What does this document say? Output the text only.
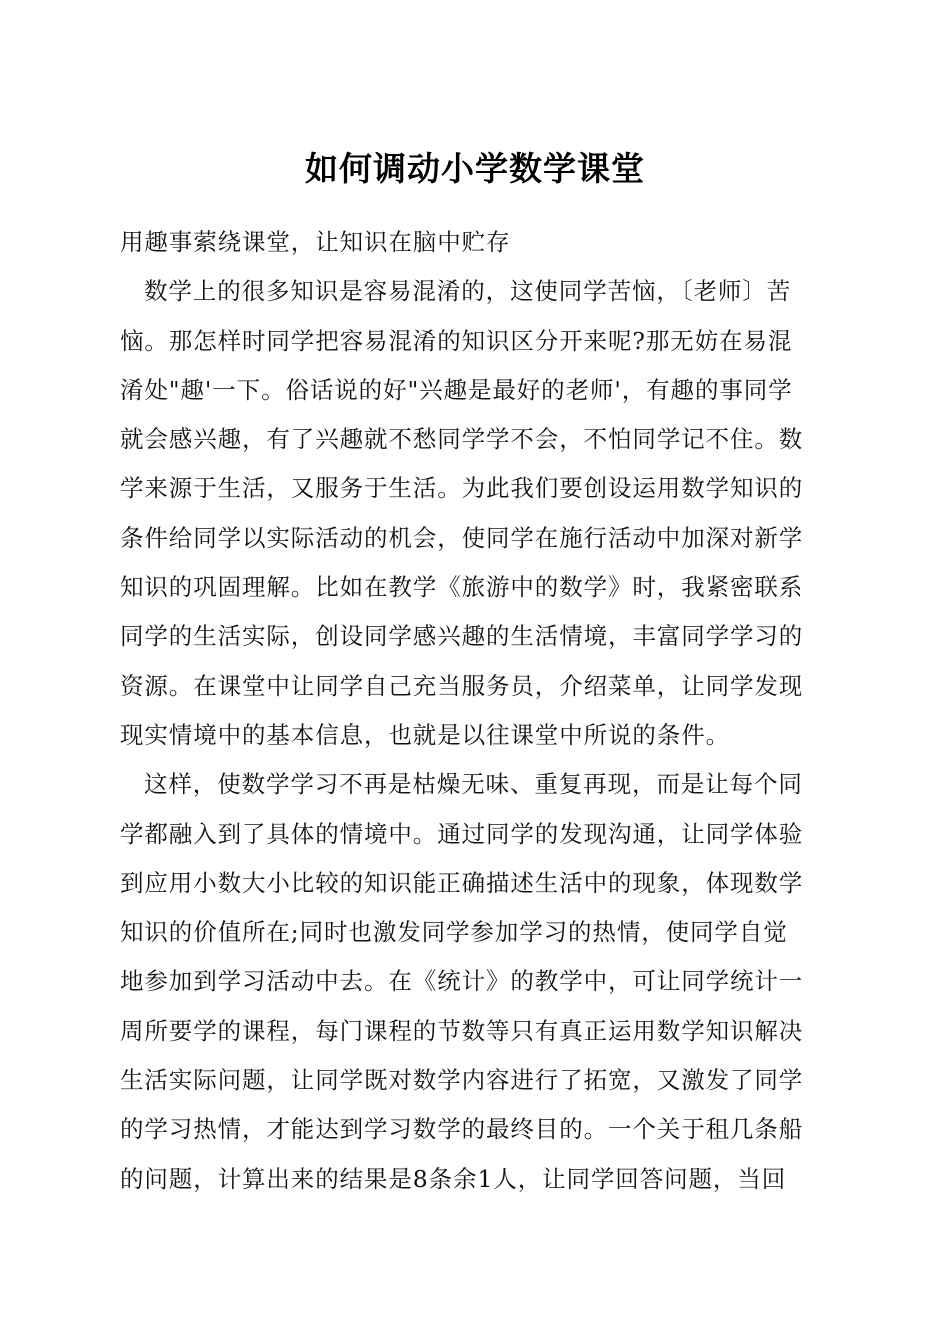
如何调动小学数学课堂
用趣事萦绕课堂，让知识在脑中贮存
数学上的很多知识是容易混淆的，这使同学苦恼，〔老师〕苦
恼。那怎样时同学把容易混淆的知识区分开来呢?那无妨在易混
淆处"趣'一下。俗话说的好"兴趣是最好的老师'，有趣的事同学
就会感兴趣，有了兴趣就不愁同学学不会，不怕同学记不住。数
学来源于生活，又服务于生活。为此我们要创设运用数学知识的
条件给同学以实际活动的机会，使同学在施行活动中加深对新学
知识的巩固理解。比如在教学《旅游中的数学》时，我紧密联系
同学的生活实际，创设同学感兴趣的生活情境，丰富同学学习的
资源。在课堂中让同学自己充当服务员，介绍菜单，让同学发现
现实情境中的基本信息，也就是以往课堂中所说的条件。
这样，使数学学习不再是枯燥无味、重复再现，而是让每个同
学都融入到了具体的情境中。通过同学的发现沟通，让同学体验
到应用小数大小比较的知识能正确描述生活中的现象，体现数学
知识的价值所在;同时也激发同学参加学习的热情，使同学自觉
地参加到学习活动中去。在《统计》的教学中，可让同学统计一
周所要学的课程，每门课程的节数等只有真正运用数学知识解决
生活实际问题，让同学既对数学内容进行了拓宽，又激发了同学
的学习热情，才能达到学习数学的最终目的。一个关于租几条船
的问题，计算出来的结果是8条余1人，让同学回答问题，当回
